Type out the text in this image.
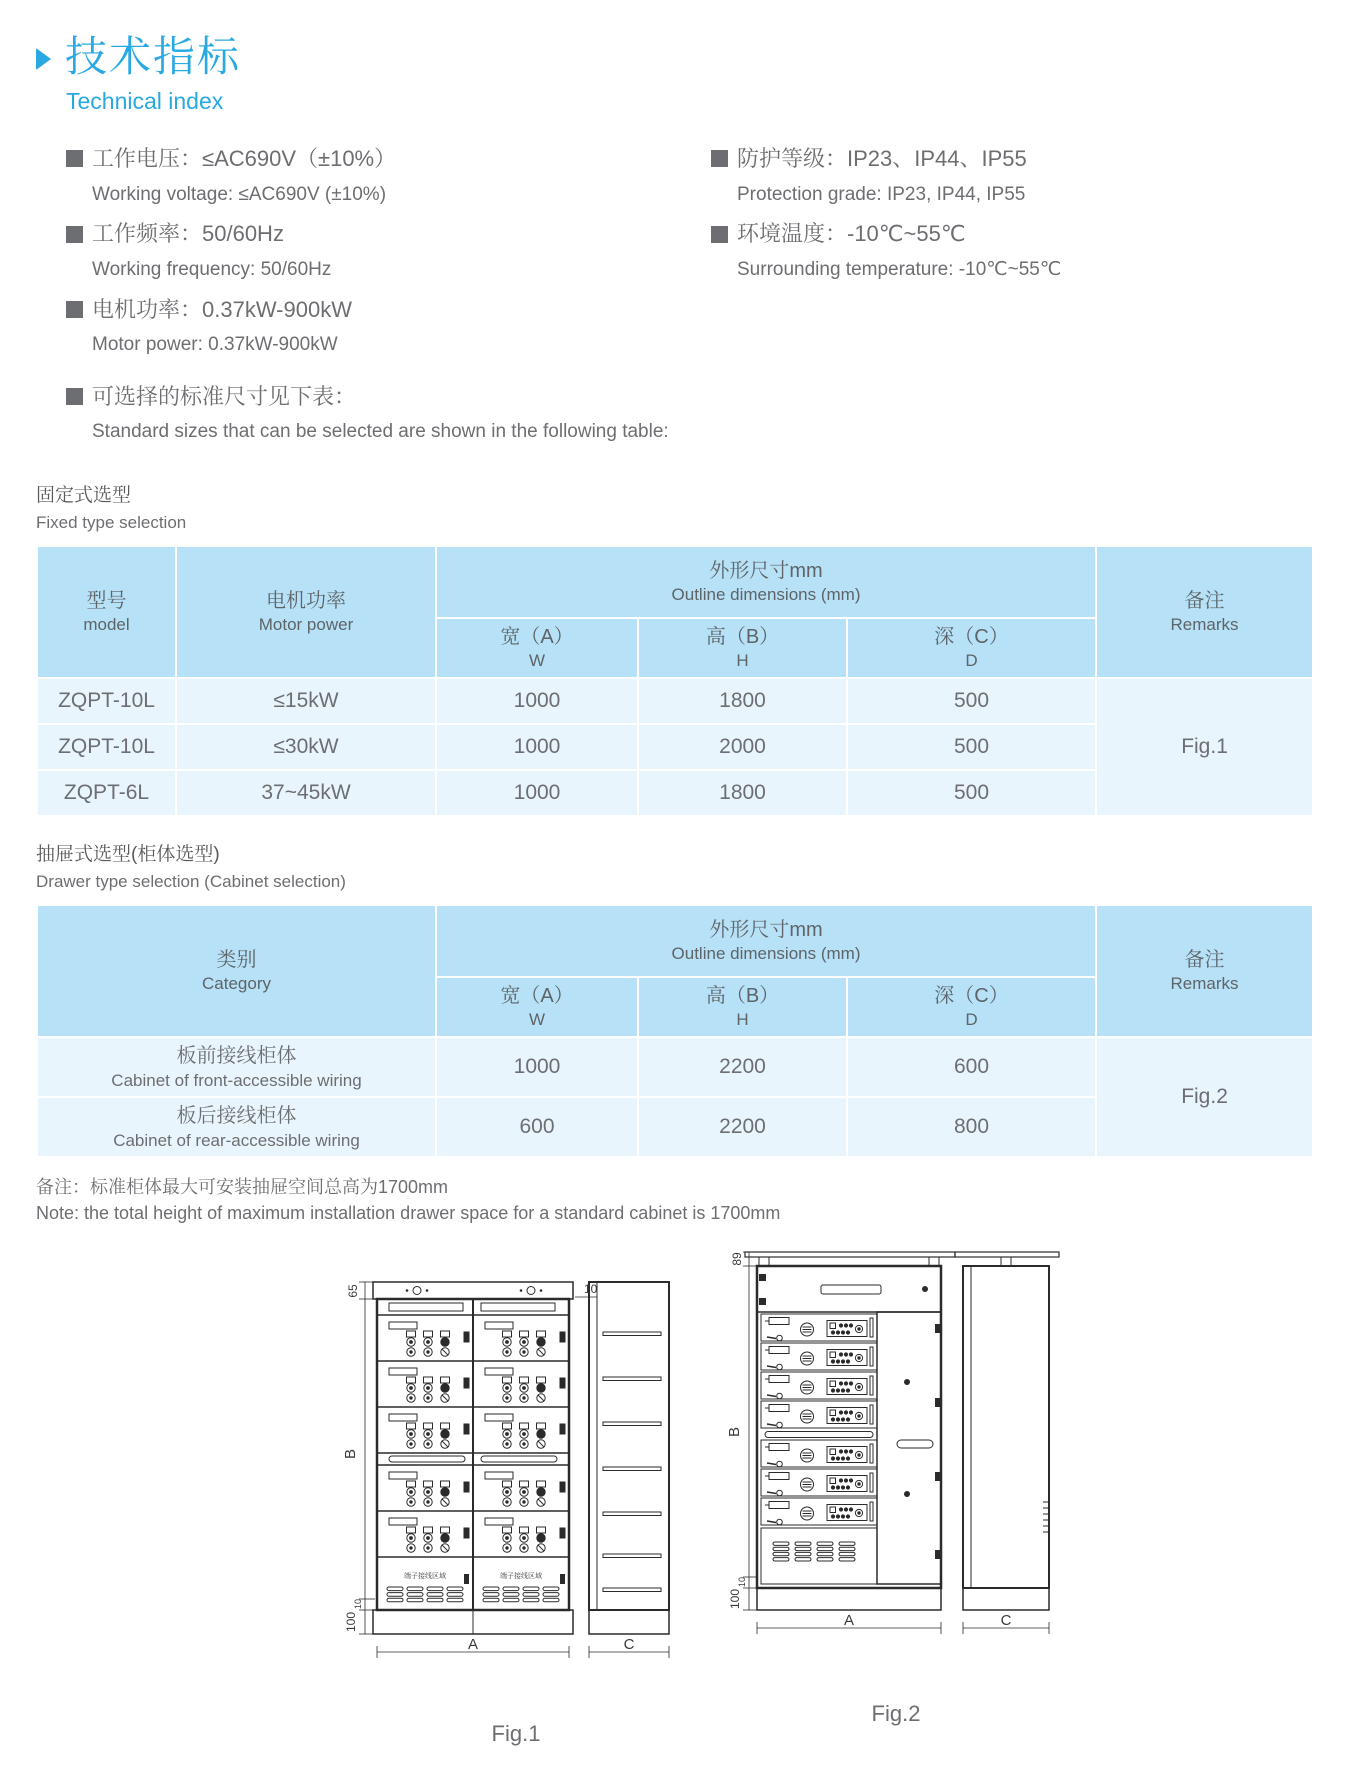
技术指标
Technical index
工作电压：≤AC690V（±10%）
Working voltage: ≤AC690V (±10%)
工作频率：50/60Hz
Working frequency: 50/60Hz
电机功率：0.37kW-900kW
Motor power: 0.37kW-900kW
可选择的标准尺寸见下表：
Standard sizes that can be selected are shown in the following table:
防护等级：IP23、IP44、IP55
Protection grade: IP23, IP44, IP55
环境温度：-10℃~55℃
Surrounding temperature: -10℃~55℃
固定式选型
Fixed type selection
型号
model	电机功率
Motor power	外形尺寸mm
Outline dimensions (mm)			备注
Remarks

		宽（A）
W	高（B）
H	深（C）
D	

ZQPT-10L	≤15kW	1000	1800	500	Fig.1
ZQPT-10L	≤30kW	1000	2000	500	
ZQPT-6L	37~45kW	1000	1800	500	
抽屉式选型(柜体选型)
Drawer type selection (Cabinet selection)
类别
Category	外形尺寸mm
Outline dimensions (mm)			备注
Remarks

	宽（A）
W	高（B）
H	深（C）
D	

板前接线柜体
Cabinet of front-accessible wiring	1000	2200	600	Fig.2

板后接线柜体
Cabinet of rear-accessible wiring	600	2200	800	
备注：标准柜体最大可安装抽屉空间总高为1700mm
Note: the total height of maximum installation drawer space for a standard cabinet is 1700mm
端子接线区域	端子接线区域
65
B
10
100
10
A	C
Fig.1
89
B
10
100
A	C
Fig.2
